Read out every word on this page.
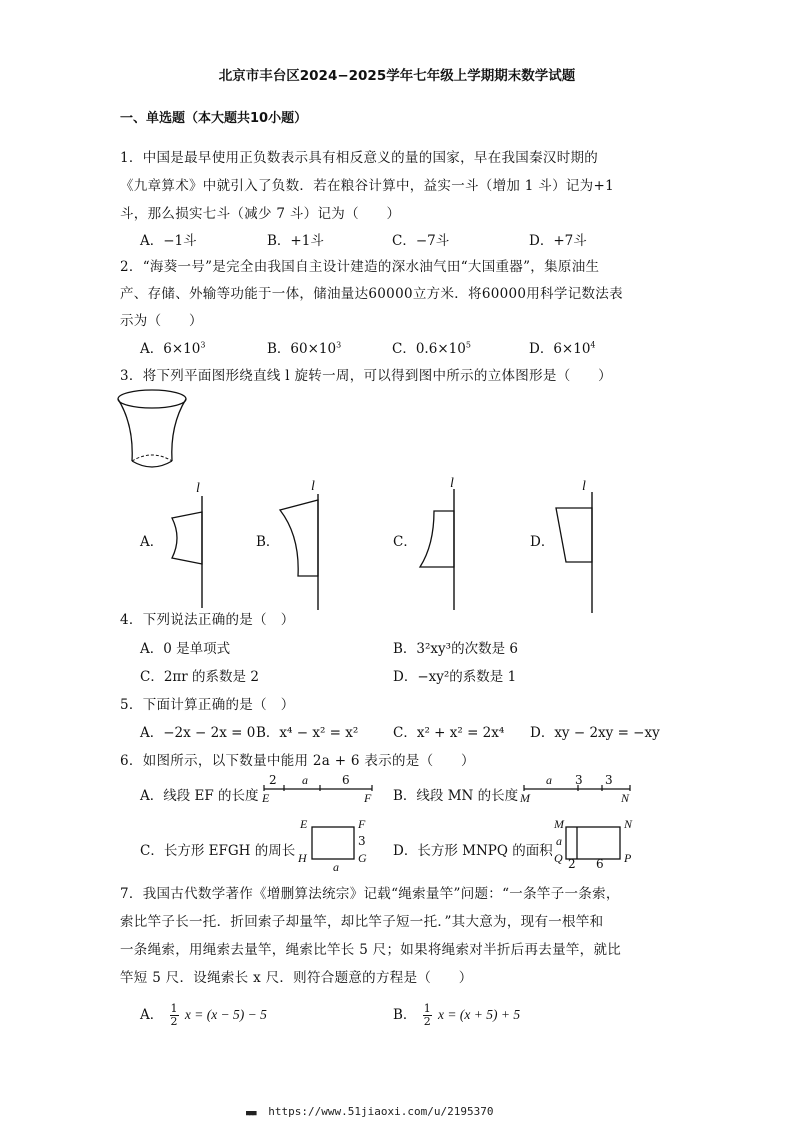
北京市丰台区2024−2025学年七年级上学期期末数学试题
一、单选题（本大题共10小题）
1．中国是最早使用正负数表示具有相反意义的量的国家，早在我国秦汉时期的
《九章算术》中就引入了负数．若在粮谷计算中，益实一斗（增加 1 斗）记为+1
斗，那么损实七斗（减少 7 斗）记为（　　）
A．−1斗	B．+1斗	C．−7斗	D．+7斗
2．“海葵一号”是完全由我国自主设计建造的深水油气田“大国重器”，集原油生
产、存储、外输等功能于一体，储油量达60000立方米．将60000用科学记数法表
示为（　　）
A．$6\times 10^3$	B．$60\times 10^3$	C．$0.6\times 10^5$	D．$6\times 10^4$
3．将下列平面图形绕直线 l 旋转一周，可以得到图中所示的立体图形是（　　）
A．
l
B．
l
C．
l
D．
l
4．下列说法正确的是（　）
A．0 是单项式	B．3²xy³的次数是 6
C．2πr 的系数是 2	D．−xy²的系数是 1
5．下面计算正确的是（　）
A．−2x − 2x = 0 B．x⁴ − x² = x²	C．x² + x² = 2x⁴ D．xy − 2xy = −xy
6．如图所示，以下数量中能用 2a + 6 表示的是（　　）
A．线段 EF 的长度
2 a	6
E	F B．线段 MN 的长度
a 3 3
M	N
C．长方形 EFGH 的周长
E	F
G
H
3
a
D．长方形 MNPQ 的面积
M	N
P
Q
a
2 6
7．我国古代数学著作《增删算法统宗》记载“绳索量竿”问题：“一条竿子一条索，
索比竿子长一托．折回索子却量竿，却比竿子短一托．”其大意为，现有一根竿和
一条绳索，用绳索去量竿，绳索比竿长 5 尺；如果将绳索对半折后再去量竿，就比
竿短 5 尺．设绳索长 x 尺．则符合题意的方程是（　　）
A． $\frac{1}{2}$ x = (x − 5) − 5	B． $\frac{1}{2}$ x = (x + 5) + 5
■■■ https://www.51jiaoxi.com/u/2195370
